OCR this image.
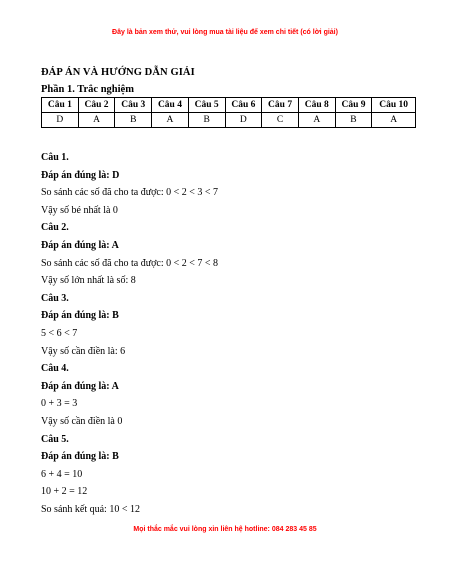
Đây là bản xem thử, vui lòng mua tài liệu để xem chi tiết (có lời giải)
ĐÁP ÁN VÀ HƯỚNG DẪN GIẢI
Phần 1. Trắc nghiệm
Câu 1	Câu 2	Câu 3	Câu 4	Câu 5	Câu 6	Câu 7	Câu 8	Câu 9	Câu 10
D	A	B	A	B	D	C	A	B	A
Câu 1.
Đáp án đúng là: D
So sánh các số đã cho ta được: 0 < 2 < 3 < 7
Vậy số bé nhất là 0
Câu 2.
Đáp án đúng là: A
So sánh các số đã cho ta được: 0 < 2 < 7 < 8
Vậy số lớn nhất là số: 8
Câu 3.
Đáp án đúng là: B
5 < 6 < 7
Vậy số cần điền là: 6
Câu 4.
Đáp án đúng là: A
0 + 3 = 3
Vậy số cần điền là 0
Câu 5.
Đáp án đúng là: B
6 + 4 = 10
10 + 2 = 12
So sánh kết quả: 10 < 12
Mọi thắc mắc vui lòng xin liên hệ hotline: 084 283 45 85
